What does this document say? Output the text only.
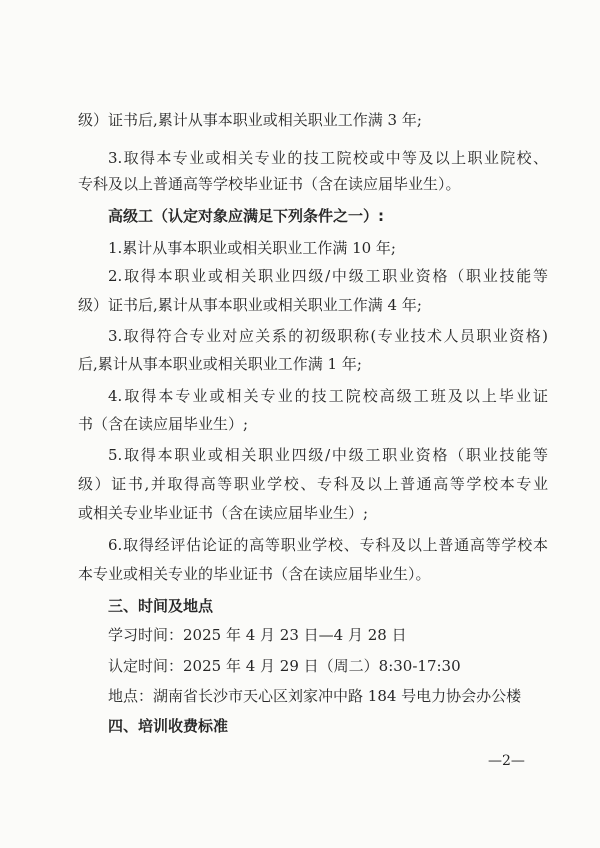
级）证书后,累计从事本职业或相关职业工作满 3 年;
3.取得本专业或相关专业的技工院校或中等及以上职业院校、
专科及以上普通高等学校毕业证书（含在读应届毕业生）。
高级工（认定对象应满足下列条件之一）:
1.累计从事本职业或相关职业工作满 10 年;
2.取得本职业或相关职业四级/中级工职业资格（职业技能等
级）证书后,累计从事本职业或相关职业工作满 4 年;
3.取得符合专业对应关系的初级职称(专业技术人员职业资格)
后,累计从事本职业或相关职业工作满 1 年;
4.取得本专业或相关专业的技工院校高级工班及以上毕业证
书（含在读应届毕业生）;
5.取得本职业或相关职业四级/中级工职业资格（职业技能等
级）证书,并取得高等职业学校、专科及以上普通高等学校本专业
或相关专业毕业证书（含在读应届毕业生）;
6.取得经评估论证的高等职业学校、专科及以上普通高等学校本
本专业或相关专业的毕业证书（含在读应届毕业生）。
三、时间及地点
学习时间：2025 年 4 月 23 日—4 月 28 日
认定时间：2025 年 4 月 29 日（周二）8:30-17:30
地点：湖南省长沙市天心区刘家冲中路 184 号电力协会办公楼
四、培训收费标准
—2—
